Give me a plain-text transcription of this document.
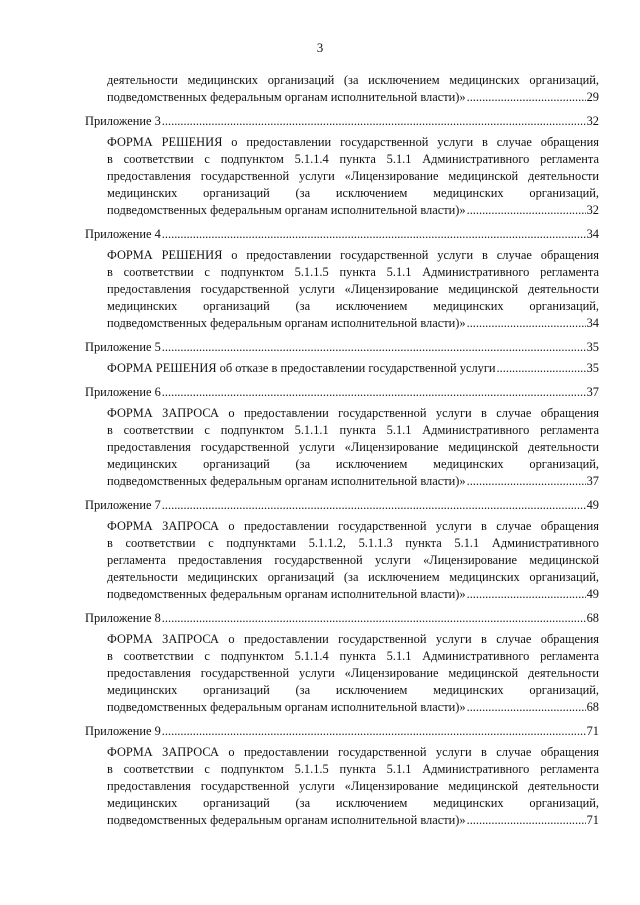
3
деятельности медицинских организаций (за исключением медицинских организаций,
подведомственных федеральным органам исполнительной власти)» .....	29
Приложение 3 .....	32
ФОРМА РЕШЕНИЯ о предоставлении государственной услуги в случае обращения
в соответствии с подпунктом 5.1.1.4 пункта 5.1.1 Административного регламента
предоставления государственной услуги «Лицензирование медицинской деятельности
медицинских организаций (за исключением медицинских организаций,
подведомственных федеральным органам исполнительной власти)» .....	32
Приложение 4 .....	34
ФОРМА РЕШЕНИЯ о предоставлении государственной услуги в случае обращения
в соответствии с подпунктом 5.1.1.5 пункта 5.1.1 Административного регламента
предоставления государственной услуги «Лицензирование медицинской деятельности
медицинских организаций (за исключением медицинских организаций,
подведомственных федеральным органам исполнительной власти)» .....	34
Приложение 5 .....	35
ФОРМА РЕШЕНИЯ об отказе в предоставлении государственной услуги .....	35
Приложение 6 .....	37
ФОРМА ЗАПРОСА о предоставлении государственной услуги в случае обращения
в соответствии с подпунктом 5.1.1.1 пункта 5.1.1 Административного регламента
предоставления государственной услуги «Лицензирование медицинской деятельности
медицинских организаций (за исключением медицинских организаций,
подведомственных федеральным органам исполнительной власти)» .....	37
Приложение 7 .....	49
ФОРМА ЗАПРОСА о предоставлении государственной услуги в случае обращения
в соответствии с подпунктами 5.1.1.2, 5.1.1.3 пункта 5.1.1 Административного
регламента предоставления государственной услуги «Лицензирование медицинской
деятельности медицинских организаций (за исключением медицинских организаций,
подведомственных федеральным органам исполнительной власти)» .....	49
Приложение 8 .....	68
ФОРМА ЗАПРОСА о предоставлении государственной услуги в случае обращения
в соответствии с подпунктом 5.1.1.4 пункта 5.1.1 Административного регламента
предоставления государственной услуги «Лицензирование медицинской деятельности
медицинских организаций (за исключением медицинских организаций,
подведомственных федеральным органам исполнительной власти)» .....	68
Приложение 9 .....	71
ФОРМА ЗАПРОСА о предоставлении государственной услуги в случае обращения
в соответствии с подпунктом 5.1.1.5 пункта 5.1.1 Административного регламента
предоставления государственной услуги «Лицензирование медицинской деятельности
медицинских организаций (за исключением медицинских организаций,
подведомственных федеральным органам исполнительной власти)» .....	71
